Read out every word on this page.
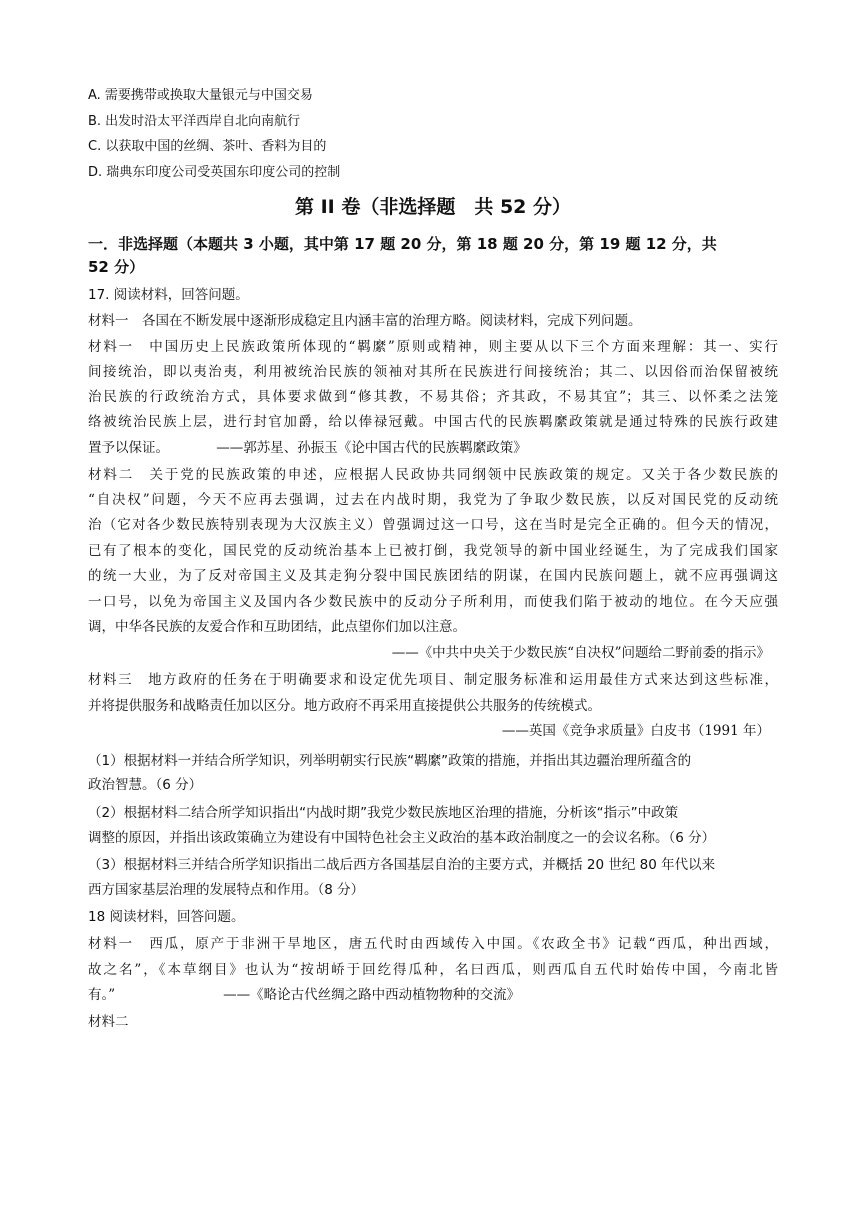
A. 需要携带或换取大量银元与中国交易
B. 出发时沿太平洋西岸自北向南航行
C. 以获取中国的丝绸、茶叶、香料为目的
D. 瑞典东印度公司受英国东印度公司的控制
第 II 卷（非选择题　共 52 分）
一．非选择题（本题共 3 小题，其中第 17 题 20 分，第 18 题 20 分，第 19 题 12 分，共
52 分）
17. 阅读材料，回答问题。
材料一　各国在不断发展中逐渐形成稳定且内涵丰富的治理方略。阅读材料，完成下列问题。
材料一　中国历史上民族政策所体现的“羁縻”原则或精神，则主要从以下三个方面来理解：其一、实行
间接统治，即以夷治夷，利用被统治民族的领袖对其所在民族进行间接统治；其二、以因俗而治保留被统
治民族的行政统治方式，具体要求做到“修其教，不易其俗；齐其政，不易其宜”；其三、以怀柔之法笼
络被统治民族上层，进行封官加爵，给以俸禄冠戴。中国古代的民族羁縻政策就是通过特殊的民族行政建
置予以保证。　　　　——郭苏星、孙振玉《论中国古代的民族羁縻政策》
材料二　关于党的民族政策的申述，应根据人民政协共同纲领中民族政策的规定。又关于各少数民族的
“自决权”问题，今天不应再去强调，过去在内战时期，我党为了争取少数民族，以反对国民党的反动统
治（它对各少数民族特别表现为大汉族主义）曾强调过这一口号，这在当时是完全正确的。但今天的情况，
已有了根本的变化，国民党的反动统治基本上已被打倒，我党领导的新中国业经诞生，为了完成我们国家
的统一大业，为了反对帝国主义及其走狗分裂中国民族团结的阴谋，在国内民族问题上，就不应再强调这
一口号，以免为帝国主义及国内各少数民族中的反动分子所利用，而使我们陷于被动的地位。在今天应强
调，中华各民族的友爱合作和互助团结，此点望你们加以注意。
——《中共中央关于少数民族“自决权”问题给二野前委的指示》
材料三　地方政府的任务在于明确要求和设定优先项目、制定服务标准和运用最佳方式来达到这些标准，
并将提供服务和战略责任加以区分。地方政府不再采用直接提供公共服务的传统模式。
——英国《竞争求质量》白皮书（1991 年）
（1）根据材料一并结合所学知识，列举明朝实行民族“羁縻”政策的措施，并指出其边疆治理所蕴含的
政治智慧。（6 分）
（2）根据材料二结合所学知识指出“内战时期”我党少数民族地区治理的措施，分析该“指示”中政策
调整的原因，并指出该政策确立为建设有中国特色社会主义政治的基本政治制度之一的会议名称。（6 分）
（3）根据材料三并结合所学知识指出二战后西方各国基层自治的主要方式，并概括 20 世纪 80 年代以来
西方国家基层治理的发展特点和作用。（8 分）
18 阅读材料，回答问题。
材料一　西瓜，原产于非洲干旱地区，唐五代时由西域传入中国。《农政全书》记载“西瓜，种出西域，
故之名”，《本草纲目》也认为“按胡峤于回纥得瓜种，名曰西瓜，则西瓜自五代时始传中国，今南北皆
有。”　　　　　　　　——《略论古代丝绸之路中西动植物物种的交流》
材料二
